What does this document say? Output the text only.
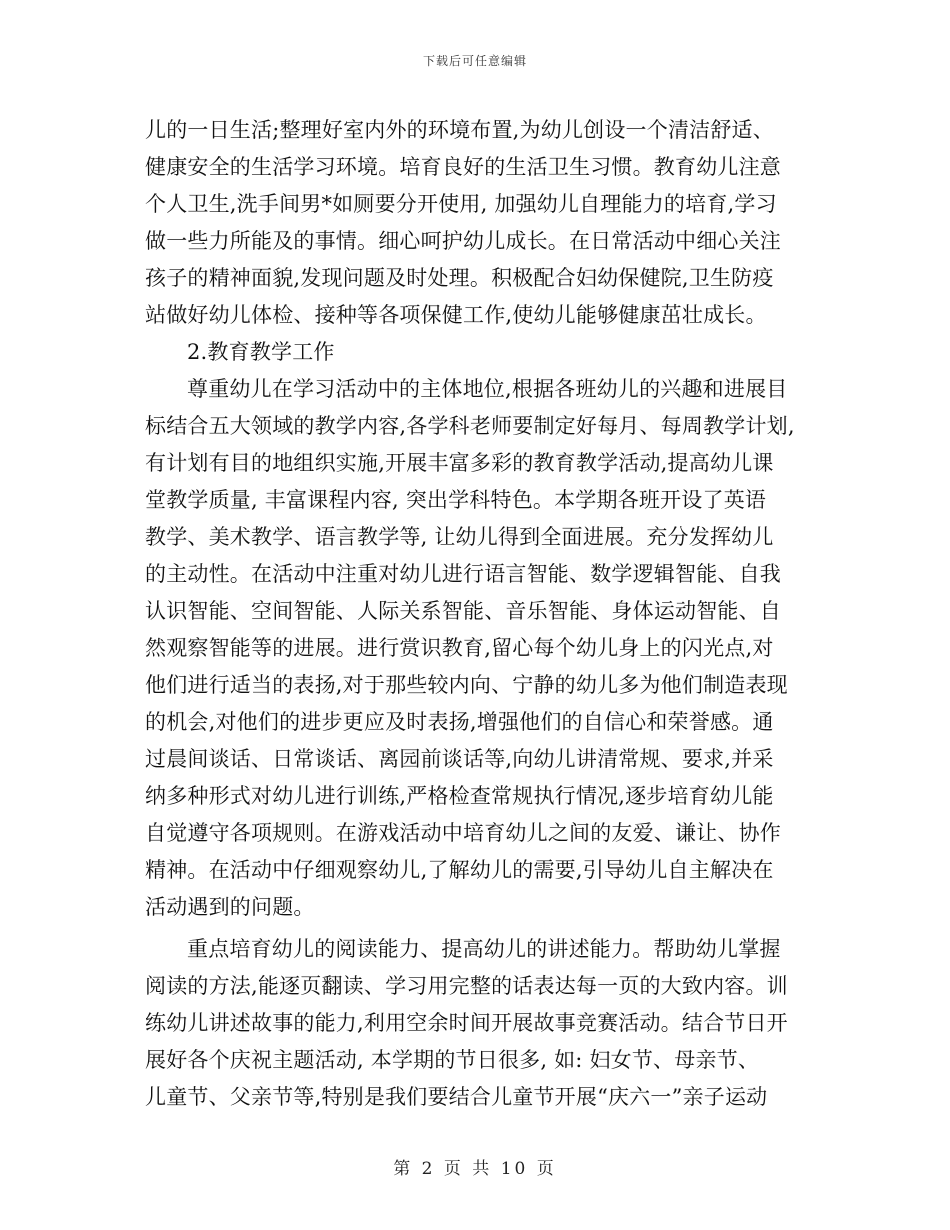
下载后可任意编辑
儿的一日生活;整理好室内外的环境布置,为幼儿创设一个清洁舒适、
健康安全的生活学习环境。培育良好的生活卫生习惯。教育幼儿注意
个人卫生,洗手间男*如厕要分开使用, 加强幼儿自理能力的培育,学习
做一些力所能及的事情。细心呵护幼儿成长。在日常活动中细心关注
孩子的精神面貌,发现问题及时处理。积极配合妇幼保健院,卫生防疫
站做好幼儿体检、接种等各项保健工作,使幼儿能够健康茁壮成长。
2.教育教学工作
尊重幼儿在学习活动中的主体地位,根据各班幼儿的兴趣和进展目
标结合五大领域的教学内容,各学科老师要制定好每月、每周教学计划,
有计划有目的地组织实施,开展丰富多彩的教育教学活动,提高幼儿课
堂教学质量, 丰富课程内容, 突出学科特色。本学期各班开设了英语
教学、美术教学、语言教学等, 让幼儿得到全面进展。充分发挥幼儿
的主动性。在活动中注重对幼儿进行语言智能、数学逻辑智能、自我
认识智能、空间智能、人际关系智能、音乐智能、身体运动智能、自
然观察智能等的进展。进行赏识教育,留心每个幼儿身上的闪光点,对
他们进行适当的表扬,对于那些较内向、宁静的幼儿多为他们制造表现
的机会,对他们的进步更应及时表扬,增强他们的自信心和荣誉感。通
过晨间谈话、日常谈话、离园前谈话等,向幼儿讲清常规、要求,并采
纳多种形式对幼儿进行训练,严格检查常规执行情况,逐步培育幼儿能
自觉遵守各项规则。在游戏活动中培育幼儿之间的友爱、谦让、协作
精神。在活动中仔细观察幼儿,了解幼儿的需要,引导幼儿自主解决在
活动遇到的问题。
重点培育幼儿的阅读能力、提高幼儿的讲述能力。帮助幼儿掌握
阅读的方法,能逐页翻读、学习用完整的话表达每一页的大致内容。训
练幼儿讲述故事的能力,利用空余时间开展故事竞赛活动。结合节日开
展好各个庆祝主题活动, 本学期的节日很多, 如: 妇女节、母亲节、
儿童节、父亲节等,特别是我们要结合儿童节开展“庆六一”亲子运动
第 2 页 共 10 页
